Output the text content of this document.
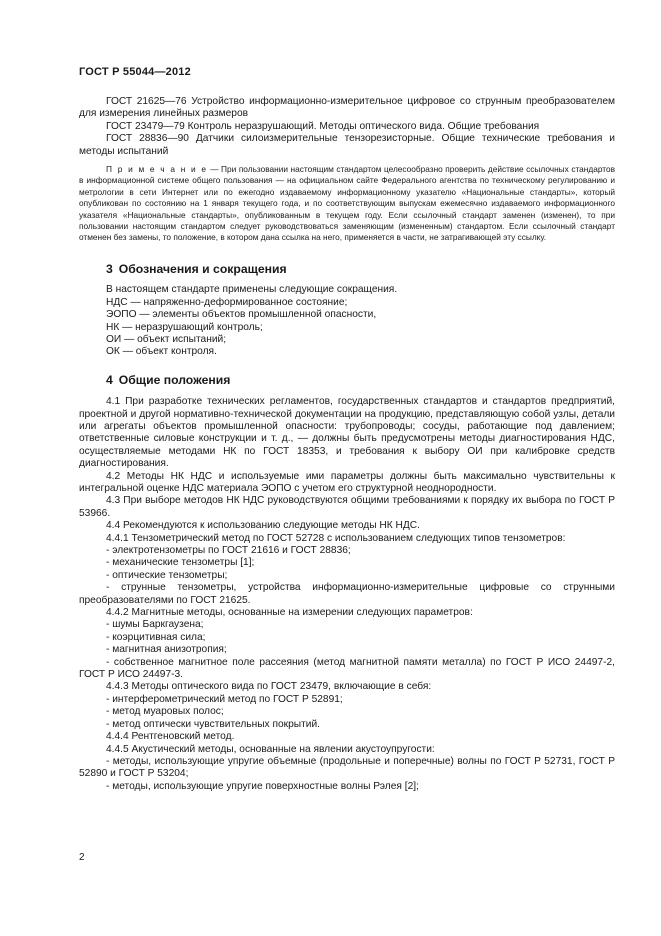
ГОСТ Р 55044—2012

ГОСТ 21625—76 Устройство информационно-измерительное цифровое со струнным преобразователем для измерения линейных размеров

ГОСТ 23479—79 Контроль неразрушающий. Методы оптического вида. Общие требования

ГОСТ 28836—90 Датчики силоизмерительные тензорезисторные. Общие технические требования и методы испытаний

П р и м е ч а н и е — При пользовании настоящим стандартом целесообразно проверить действие ссылочных стандартов в информационной системе общего пользования — на официальном сайте Федерального агентства по техническому регулированию и метрологии в сети Интернет или по ежегодно издаваемому информационному указателю «Национальные стандарты», который опубликован по состоянию на 1 января текущего года, и по соответствующим выпускам ежемесячно издаваемого информационного указателя «Национальные стандарты», опубликованным в текущем году. Если ссылочный стандарт заменен (изменен), то при пользовании настоящим стандартом следует руководствоваться заменяющим (измененным) стандартом. Если ссылочный стандарт отменен без замены, то положение, в котором дана ссылка на него, применяется в части, не затрагивающей эту ссылку.
3 Обозначения и сокращения

В настоящем стандарте применены следующие сокращения.

НДС — напряженно-деформированное состояние;

ЭОПО — элементы объектов промышленной опасности,

НК — неразрушающий контроль;

ОИ — объект испытаний;

ОК — объект контроля.

4 Общие положения

4.1 При разработке технических регламентов, государственных стандартов и стандартов предприятий, проектной и другой нормативно-технической документации на продукцию, представляющую собой узлы, детали или агрегаты объектов промышленной опасности: трубопроводы; сосуды, работающие под давлением; ответственные силовые конструкции и т. д., — должны быть предусмотрены методы диагностирования НДС, осуществляемые методами НК по ГОСТ 18353, и требования к выбору ОИ при калибровке средств диагностирования.

4.2 Методы НК НДС и используемые ими параметры должны быть максимально чувствительны к интегральной оценке НДС материала ЭОПО с учетом его структурной неоднородности.

4.3 При выборе методов НК НДС руководствуются общими требованиями к порядку их выбора по ГОСТ Р 53966.

4.4 Рекомендуются к использованию следующие методы НК НДС.

4.4.1 Тензометрический метод по ГОСТ 52728 с использованием следующих типов тензометров:

- электротензометры по ГОСТ 21616 и ГОСТ 28836;

- механические тензометры [1];

- оптические тензометры;

- струнные тензометры, устройства информационно-измерительные цифровые со струнными преобразователями по ГОСТ 21625.

4.4.2 Магнитные методы, основанные на измерении следующих параметров:

- шумы Баркгаузена;

- коэрцитивная сила;

- магнитная анизотропия;

- собственное магнитное поле рассеяния (метод магнитной памяти металла) по ГОСТ Р ИСО 24497-2, ГОСТ Р ИСО 24497-3.

4.4.3 Методы оптического вида по ГОСТ 23479, включающие в себя:

- интерферометрический метод по ГОСТ Р 52891;

- метод муаровых полос;

- метод оптически чувствительных покрытий.

4.4.4 Рентгеновский метод.

4.4.5 Акустический методы, основанные на явлении акустоупругости:

- методы, использующие упругие объемные (продольные и поперечные) волны по ГОСТ Р 52731, ГОСТ Р 52890 и ГОСТ Р 53204;

- методы, использующие упругие поверхностные волны Рэлея [2];

2
